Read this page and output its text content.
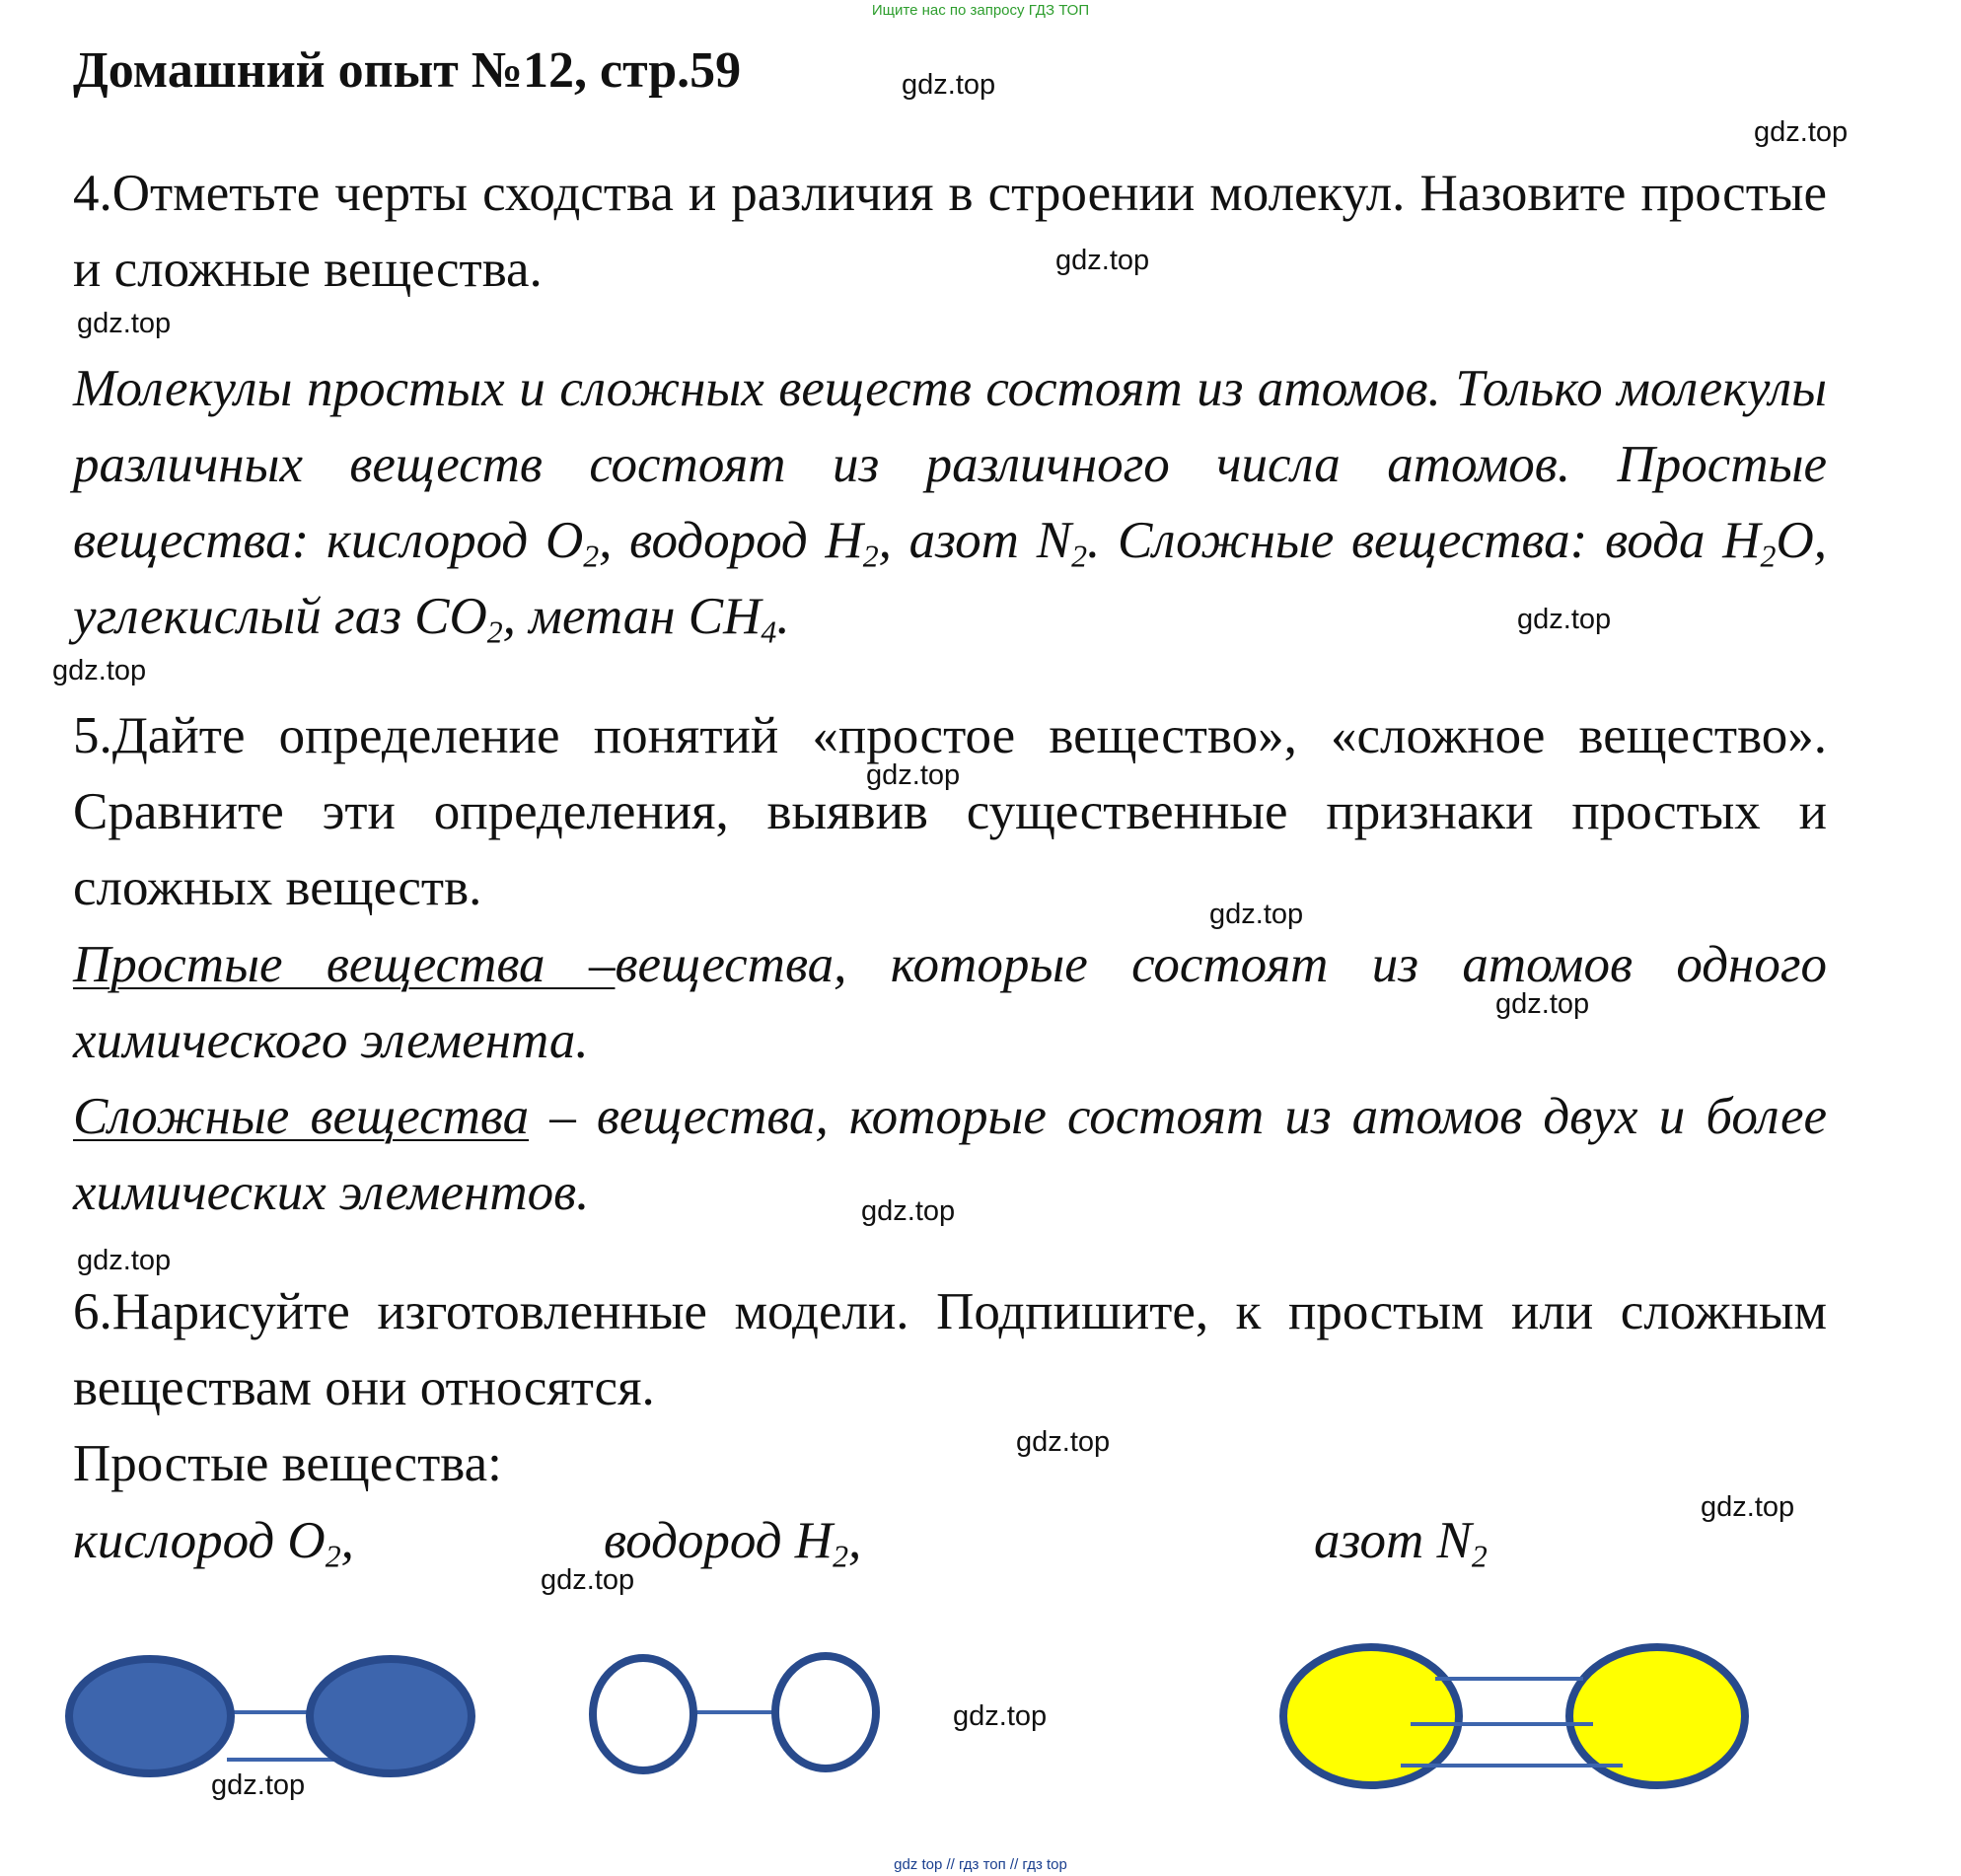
Ищите нас по запросу ГДЗ ТОП
Домашний опыт №12, стр.59	gdz.top
gdz.top
gdz.top
gdz.top
gdz.top
gdz.top
gdz.top
gdz.top
gdz.top
gdz.top
gdz.top
gdz.top
gdz.top
gdz.top
gdz.top
gdz.top

4.Отметьте черты сходства и различия в строении молекул. Назовите простые и сложные вещества.

Молекулы простых и сложных веществ состоят из атомов. Только молекулы различных веществ состоят из различного числа атомов. Простые вещества: кислород $O_2$, водород $H_2$, азот $N_2$. Сложные вещества: вода $H_2O$, углекислый газ $CO_2$, метан $CH_4$.

5.Дайте определение понятий «простое вещество», «сложное вещество». Сравните эти определения, выявив существенные признаки простых и сложных веществ.

Простые вещества –вещества, которые состоят из атомов одного химического элемента.

Сложные вещества – вещества, которые состоят из атомов двух и более химических элементов.

6.Нарисуйте изготовленные модели. Подпишите, к простым или сложным веществам они относятся.

Простые вещества:
кислород $O_2$,	водород $H_2$,	азот $N_2$
gdz top // гдз топ // гдз top
